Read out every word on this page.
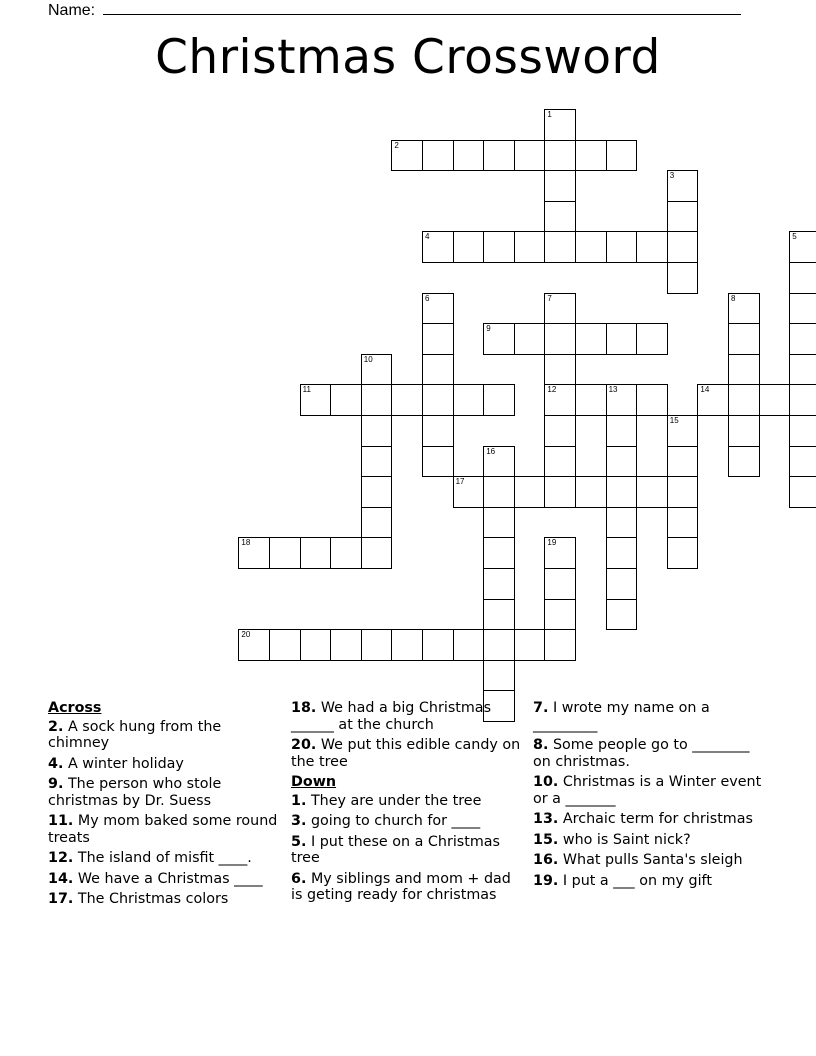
Name:
Christmas Crossword
1
2
3
4	5
6	7	8
9
10
11	12	13	14
15
16
17
18	19
20
Across
2. A sock hung from the chimney
4. A winter holiday
9. The person who stole christmas by Dr. Suess
11. My mom baked some round treats
12. The island of misfit ____.
14. We have a Christmas ____
17. The Christmas colors
18. We had a big Christmas ______ at the church
20. We put this edible candy on the tree
Down
1. They are under the tree
3. going to church for ____
5. I put these on a Christmas tree
6. My siblings and mom + dad is geting ready for christmas
7. I wrote my name on a _________
8. Some people go to ________ on christmas.
10. Christmas is a Winter event or a _______
13. Archaic term for christmas
15. who is Saint nick?
16. What pulls Santa's sleigh
19. I put a ___ on my gift
